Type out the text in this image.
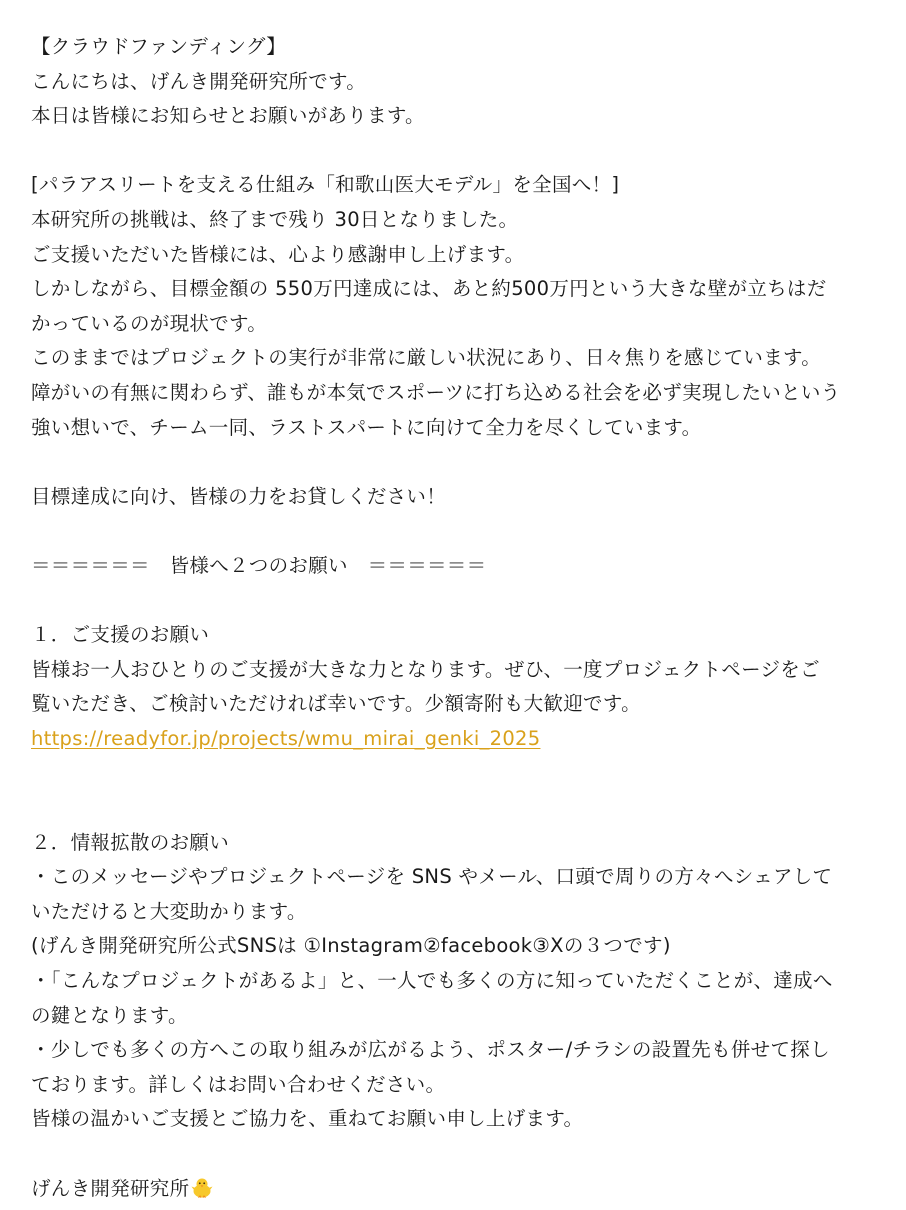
【クラウドファンディング】
こんにちは、げんき開発研究所です。
本日は皆様にお知らせとお願いがあります。
[パラアスリートを支える仕組み「和歌山医大モデル」を全国へ！]
本研究所の挑戦は、終了まで残り 30日となりました。
ご支援いただいた皆様には、心より感謝申し上げます。
しかしながら、目標金額の 550万円達成には、あと約500万円という大きな壁が立ちはだ
かっているのが現状です。
このままではプロジェクトの実行が非常に厳しい状況にあり、日々焦りを感じています。
障がいの有無に関わらず、誰もが本気でスポーツに打ち込める社会を必ず実現したいという
強い想いで、チーム一同、ラストスパートに向けて全力を尽くしています。
目標達成に向け、皆様の力をお貸しください！
＝＝＝＝＝＝　皆様へ２つのお願い　＝＝＝＝＝＝
１．ご支援のお願い
皆様お一人おひとりのご支援が大きな力となります。ぜひ、一度プロジェクトページをご
覧いただき、ご検討いただければ幸いです。少額寄附も大歓迎です。
https://readyfor.jp/projects/wmu_mirai_genki_2025
２．情報拡散のお願い
・このメッセージやプロジェクトページを SNS やメール、口頭で周りの方々へシェアして
いただけると大変助かります。
(げんき開発研究所公式SNSは ①Instagram②facebook③Xの３つです)
・「こんなプロジェクトがあるよ」と、一人でも多くの方に知っていただくことが、達成へ
の鍵となります。
・少しでも多くの方へこの取り組みが広がるよう、ポスター/チラシの設置先も併せて探し
ております。詳しくはお問い合わせください。
皆様の温かいご支援とご協力を、重ねてお願い申し上げます。
げんき開発研究所
